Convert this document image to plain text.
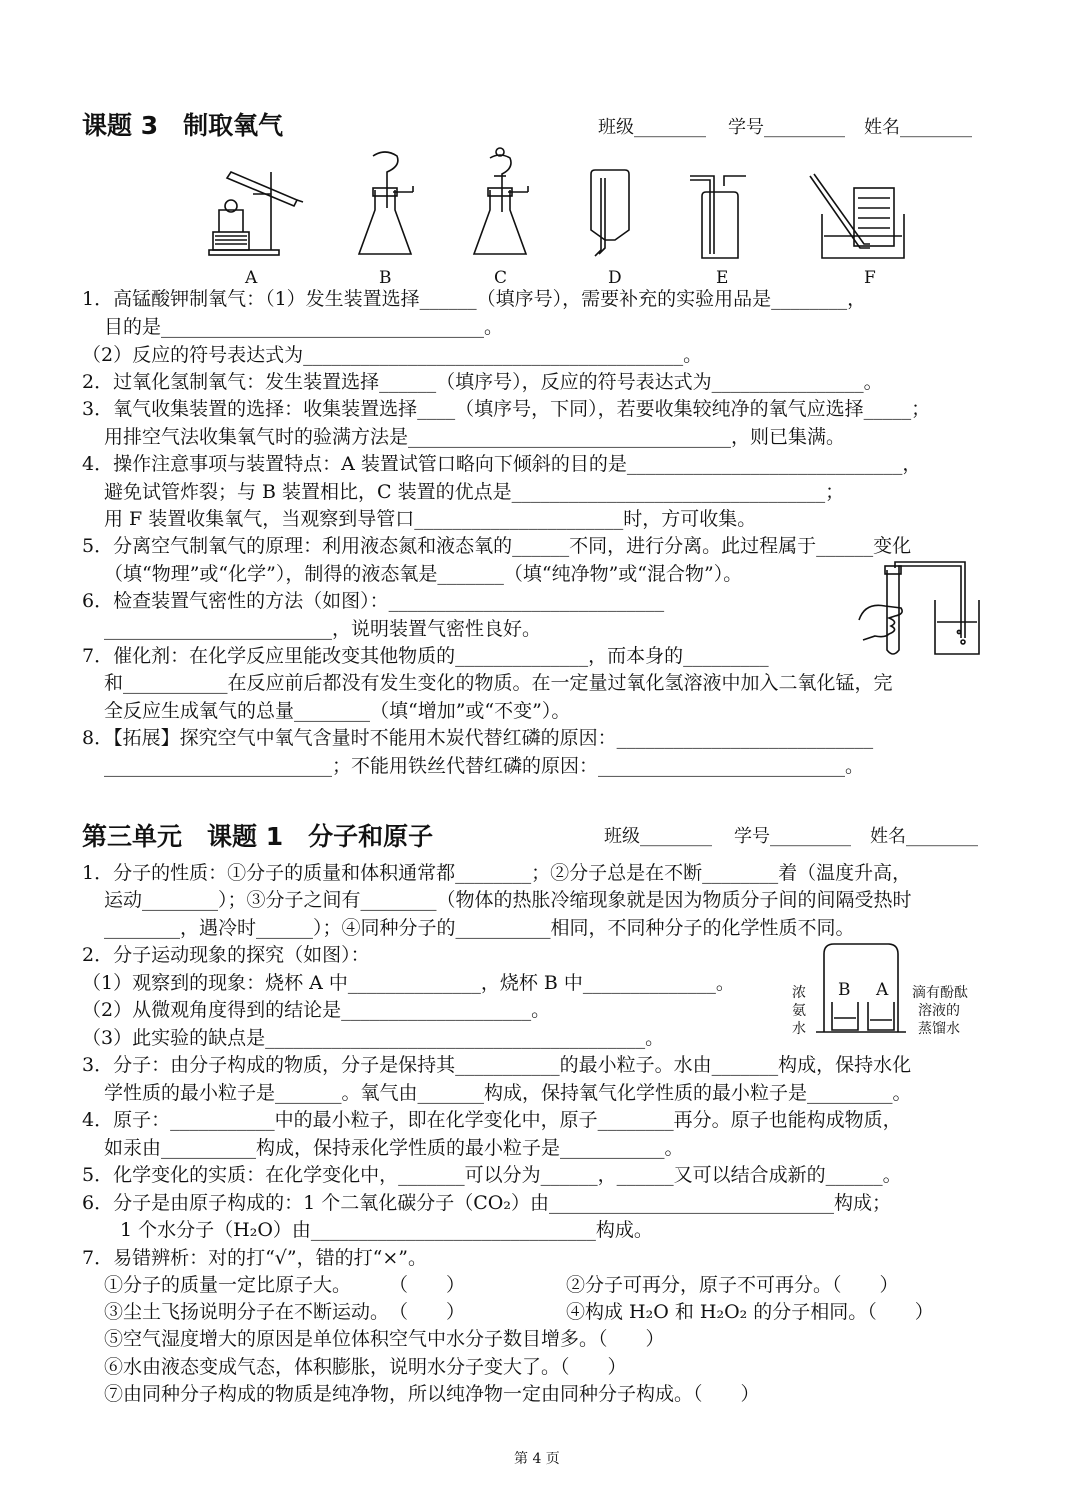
课题 3　制取氧气	班级________ 学号_________ 姓名________
A	B	C	D	E	F
1．高锰酸钾制氧气：（1）发生装置选择______（填序号），需要补充的实验用品是________，
目的是__________________________________。
（2）反应的符号表达式为________________________________________。
2．过氧化氢制氧气：发生装置选择______（填序号），反应的符号表达式为________________。
3．氧气收集装置的选择：收集装置选择____（填序号，下同），若要收集较纯净的氧气应选择_____；
用排空气法收集氧气时的验满方法是__________________________________，则已集满。
4．操作注意事项与装置特点：A 装置试管口略向下倾斜的目的是_____________________________，
避免试管炸裂；与 B 装置相比，C 装置的优点是_________________________________；
用 F 装置收集氧气，当观察到导管口______________________时，方可收集。
5．分离空气制氧气的原理：利用液态氮和液态氧的______不同，进行分离。此过程属于______变化
（填“物理”或“化学”），制得的液态氧是_______（填“纯净物”或“混合物”）。
6．检查装置气密性的方法（如图）：_____________________________
________________________，说明装置气密性良好。
7．催化剂：在化学反应里能改变其他物质的______________，而本身的_________
和___________在反应前后都没有发生变化的物质。在一定量过氧化氢溶液中加入二氧化锰，完
全反应生成氧气的总量________（填“增加”或“不变”）。
8．【拓展】探究空气中氧气含量时不能用木炭代替红磷的原因：___________________________
________________________；不能用铁丝代替红磷的原因：__________________________。
第三单元　课题 1　分子和原子	班级________ 学号_________ 姓名________
1．分子的性质：①分子的质量和体积通常都________；②分子总是在不断________着（温度升高，
运动________）；③分子之间有________（物体的热胀冷缩现象就是因为物质分子间的间隔受热时
________，遇冷时______）；④同种分子的__________相同，不同种分子的化学性质不同。
2．分子运动现象的探究（如图）：
（1）观察到的现象：烧杯 A 中______________，烧杯 B 中______________。
（2）从微观角度得到的结论是____________________。
（3）此实验的缺点是________________________________________。
3．分子：由分子构成的物质，分子是保持其___________的最小粒子。水由_______构成，保持水化
学性质的最小粒子是_______。氧气由_______构成，保持氧气化学性质的最小粒子是_________。
4．原子：___________中的最小粒子，即在化学变化中，原子________再分。原子也能构成物质，
如汞由__________构成，保持汞化学性质的最小粒子是___________。
5．化学变化的实质：在化学变化中，_______可以分为______，______又可以结合成新的______。
6．分子是由原子构成的：1 个二氧化碳分子（CO₂）由______________________________构成；
1 个水分子（H₂O）由______________________________构成。
7．易错辨析：对的打“√”，错的打“×”。
浓
氨
水
B A 滴有酚酞
溶液的
蒸馏水
①分子的质量一定比原子大。　　　（　　）	②分子可再分，原子不可再分。（　　）
③尘土飞扬说明分子在不断运动。　（　　）	④构成 H₂O 和 H₂O₂ 的分子相同。（　　）
⑤空气湿度增大的原因是单位体积空气中水分子数目增多。（　　）
⑥水由液态变成气态，体积膨胀，说明水分子变大了。（　　）
⑦由同种分子构成的物质是纯净物，所以纯净物一定由同种分子构成。（　　）
第 4 页
